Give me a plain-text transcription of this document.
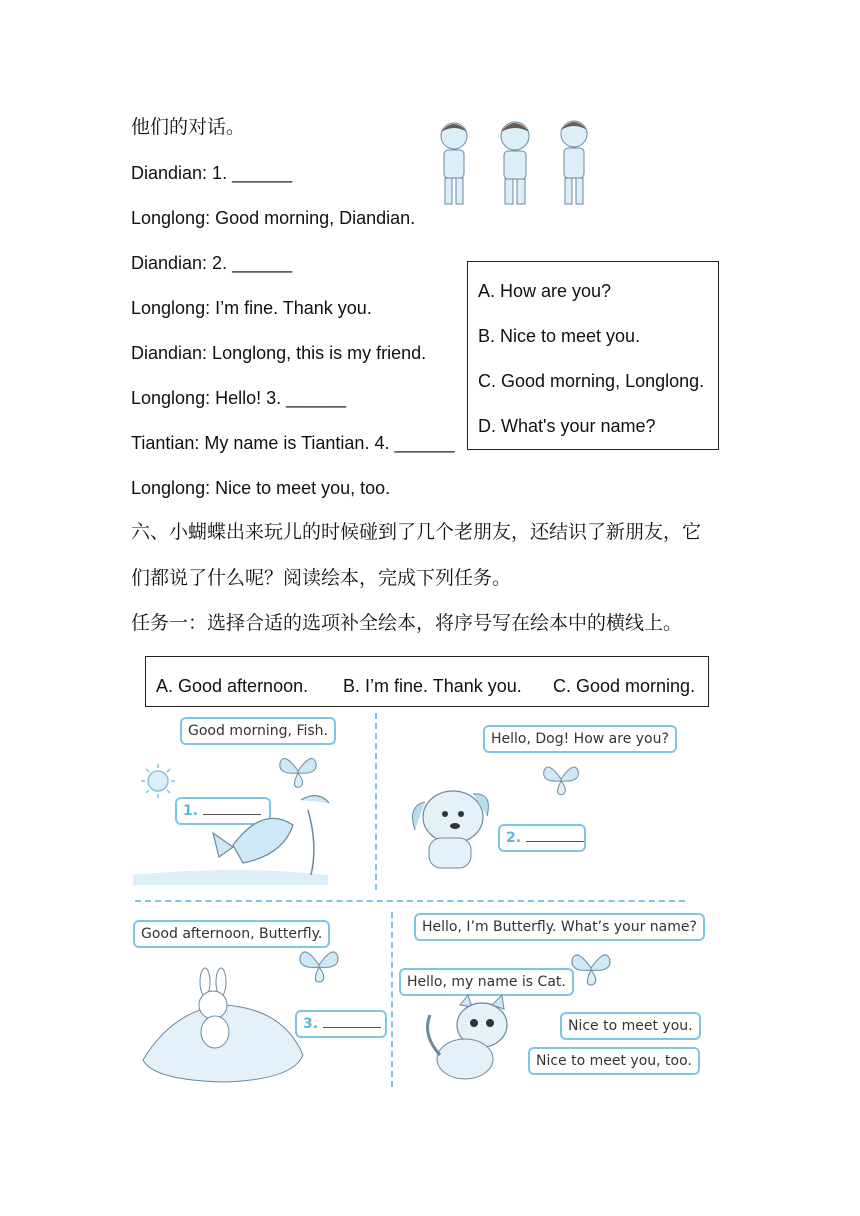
他们的对话。
Diandian: 1. ______
Longlong: Good morning, Diandian.
Diandian: 2. ______
Longlong: I’m fine. Thank you.
Diandian: Longlong, this is my friend.
Longlong: Hello! 3. ______
Tiantian: My name is Tiantian. 4. ______
Longlong: Nice to meet you, too.
A. How are you?
B. Nice to meet you.
C. Good morning, Longlong.
D. What's your name?
六、小蝴蝶出来玩儿的时候碰到了几个老朋友，还结识了新朋友，它
们都说了什么呢？阅读绘本，完成下列任务。
任务一：选择合适的选项补全绘本，将序号写在绘本中的横线上。
A. Good afternoon. B. I’m fine. Thank you. C. Good morning.
Good morning, Fish.
1.
Hello, Dog! How are you?
2.
Good afternoon, Butterfly.
3.
Hello, I’m Butterfly. What’s your name?
Hello, my name is Cat.
Nice to meet you.
Nice to meet you, too.
